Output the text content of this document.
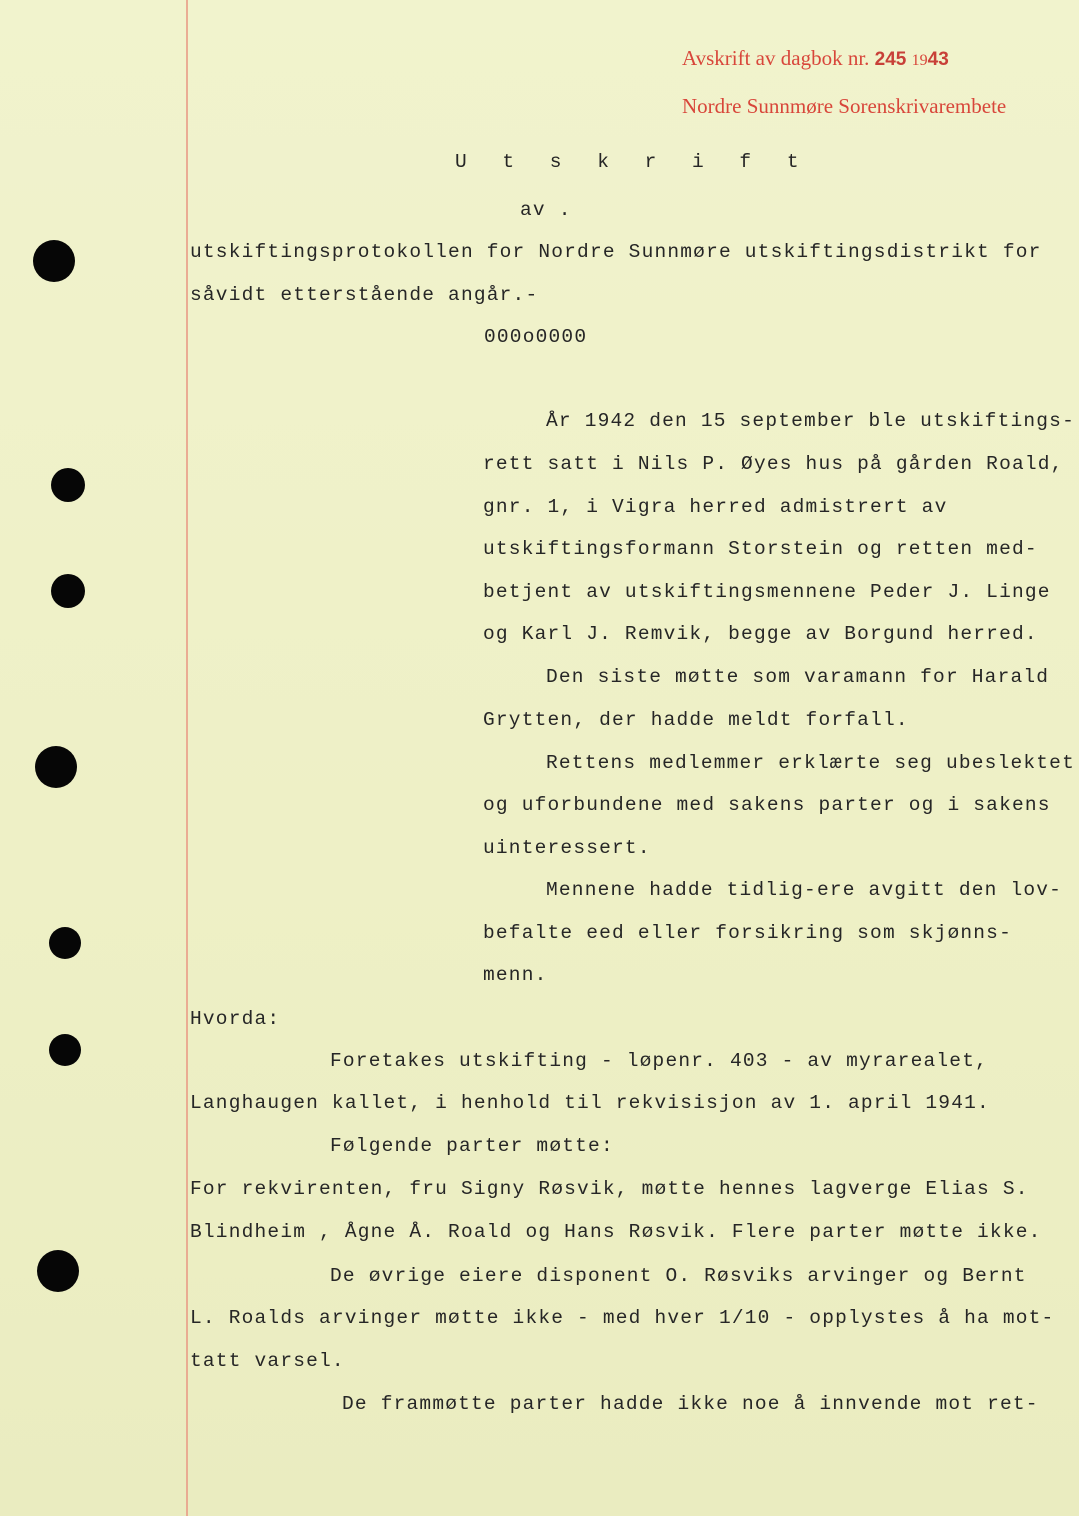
Avskrift av dagbok nr. 245 1943
Nordre Sunnmøre Sorenskrivarembete
U t s k r i f t
av .
utskiftingsprotokollen for Nordre Sunnmøre utskiftingsdistrikt for
såvidt etterstående angår.-
000o0000
År 1942 den 15 september ble utskiftings-
rett satt i Nils P. Øyes hus på gården Roald,
gnr. 1, i Vigra herred admistrert av
utskiftingsformann Storstein og retten med-
betjent av utskiftingsmennene Peder J. Linge
og Karl J. Remvik, begge av Borgund herred.
Den siste møtte som varamann for Harald
Grytten, der hadde meldt forfall.
Rettens medlemmer erklærte seg ubeslektet
og uforbundene med sakens parter og i sakens
uinteressert.
Mennene hadde tidlig-ere avgitt den lov-
befalte eed eller forsikring som skjønns-
menn.
Hvorda:
Foretakes utskifting - løpenr. 403 - av myrarealet,
Langhaugen kallet, i henhold til rekvisisjon av 1. april 1941.
Følgende parter møtte:
For rekvirenten, fru Signy Røsvik, møtte hennes lagverge Elias S.
Blindheim , Ågne Å. Roald og Hans Røsvik. Flere parter møtte ikke.
De øvrige eiere disponent O. Røsviks arvinger og Bernt
L. Roalds arvinger møtte ikke - med hver 1/10 - opplystes å ha mot-
tatt varsel.
De frammøtte parter hadde ikke noe å innvende mot ret-
